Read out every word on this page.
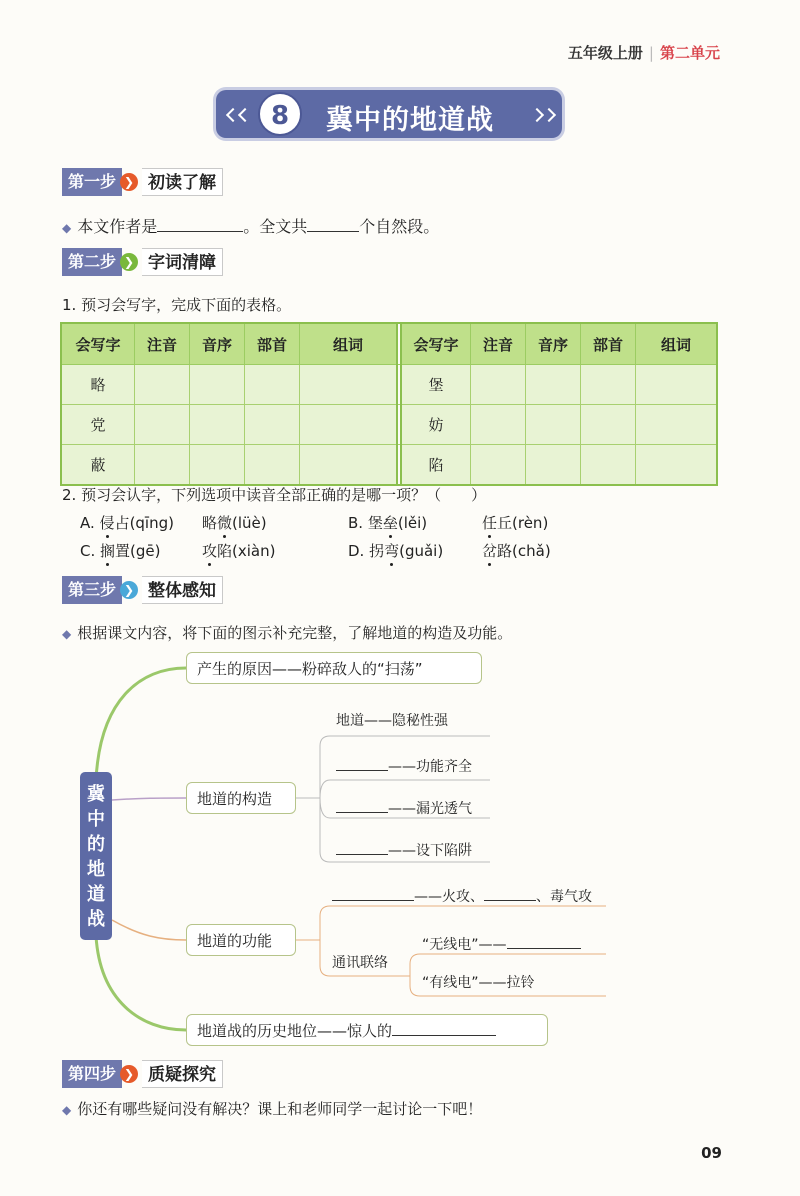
五年级上册 | 第二单元
8	冀中的地道战
第一步 ❯ 初读了解
◆ 本文作者是	。全文共	个自然段。
第二步 ❯ 字词清障
1. 预习会写字，完成下面的表格。
会写字	注音	音序	部首	组词		会写字	注音	音序	部首	组词
略						堡				
党						妨				
蔽						陷				
2. 预习会认字，下列选项中读音全部正确的是哪一项？（　　）
A. 侵占(qīng) 略微(lüè)	B. 堡垒(lěi)	任丘(rèn)
C. 搁置(gē)	攻陷(xiàn)	D. 拐弯(guǎi)	岔路(chǎ)
第三步 ❯ 整体感知
◆ 根据课文内容，将下面的图示补充完整，了解地道的构造及功能。
冀
中
的
地
道
战
产生的原因——粉碎敌人的“扫荡”
地道的构造
地道的功能
地道战的历史地位——惊人的
地道——隐秘性强
——功能齐全
——漏光透气
——设下陷阱
——火攻、	、毒气攻
通讯联络
“无线电”——
“有线电”——拉铃
第四步 ❯ 质疑探究
◆ 你还有哪些疑问没有解决？课上和老师同学一起讨论一下吧！
09
